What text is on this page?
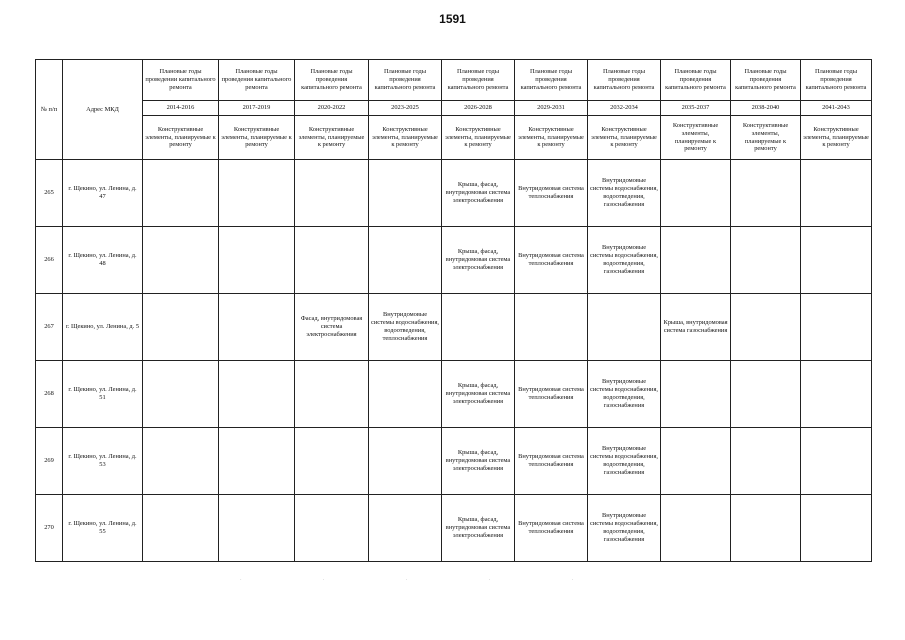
1591
№ п/п	Адрес МКД	Плановые годы проведении капитального ремонта	Плановые годы проведения капитального ремонта	Плановые годы проведения капитального ремонта	Плановые годы проведения капитального ремонта	Плановые годы проведения капитального ремонта	Плановые годы проведения капитального ремонта	Плановые годы проведения капитального ремонта	Плановые годы проведения капитального ремонта	Плановые годы проведения капитального ремонта	Плановые годы проведения капитального ремонта
		2014-2016	2017-2019	2020-2022	2023-2025	2026-2028	2029-2031	2032-2034	2035-2037	2038-2040	2041-2043
		Конструктивные элементы, планируемые к ремонту	Конструктивные элементы, планируемые к ремонту	Конструктивные элементы, планируемые к ремонту	Конструктивные элементы, планируемые к ремонту	Конструктивные элементы, планируемые к ремонту	Конструктивные элементы, планируемые к ремонту	Конструктивные элементы, планируемые к ремонту	Конструктивные элементы, планируемые к ремонту	Конструктивные элементы, планируемые к ремонту	Конструктивные элементы, планируемые к ремонту
265	г. Щекино, ул. Ленина, д. 47					Крыша, фасад, внутридомовая система электроснабжения	Внутридомовая система теплоснабжения	Внутридомовые системы водоснабжения, водоотведения, газоснабжения			
266	г. Щекино, ул. Ленина, д. 48					Крыша, фасад, внутридомовая система электроснабжения	Внутридомовая система теплоснабжения	Внутридомовые системы водоснабжения, водоотведения, газоснабжения			
267	г. Щекино, ул. Ленина, д. 5			Фасад, внутридомовая система электроснабжения	Внутридомовые системы водоснабжения, водоотведения, теплоснабжения				Крыша, внутридомовая система газоснабжения		
268	г. Щекино, ул. Ленина, д. 51					Крыша, фасад, внутридомовая система электроснабжения	Внутридомовая система теплоснабжения	Внутридомовые системы водоснабжения, водоотведения, газоснабжения			
269	г. Щекино, ул. Ленина, д. 53					Крыша, фасад, внутридомовая система электроснабжения	Внутридомовая система теплоснабжения	Внутридомовые системы водоснабжения, водоотведения, газоснабжения			
270	г. Щекино, ул. Ленина, д. 55					Крыша, фасад, внутридомовая система электроснабжения	Внутридомовая система теплоснабжения	Внутридомовые системы водоснабжения, водоотведения, газоснабжения			
· · · · ·
